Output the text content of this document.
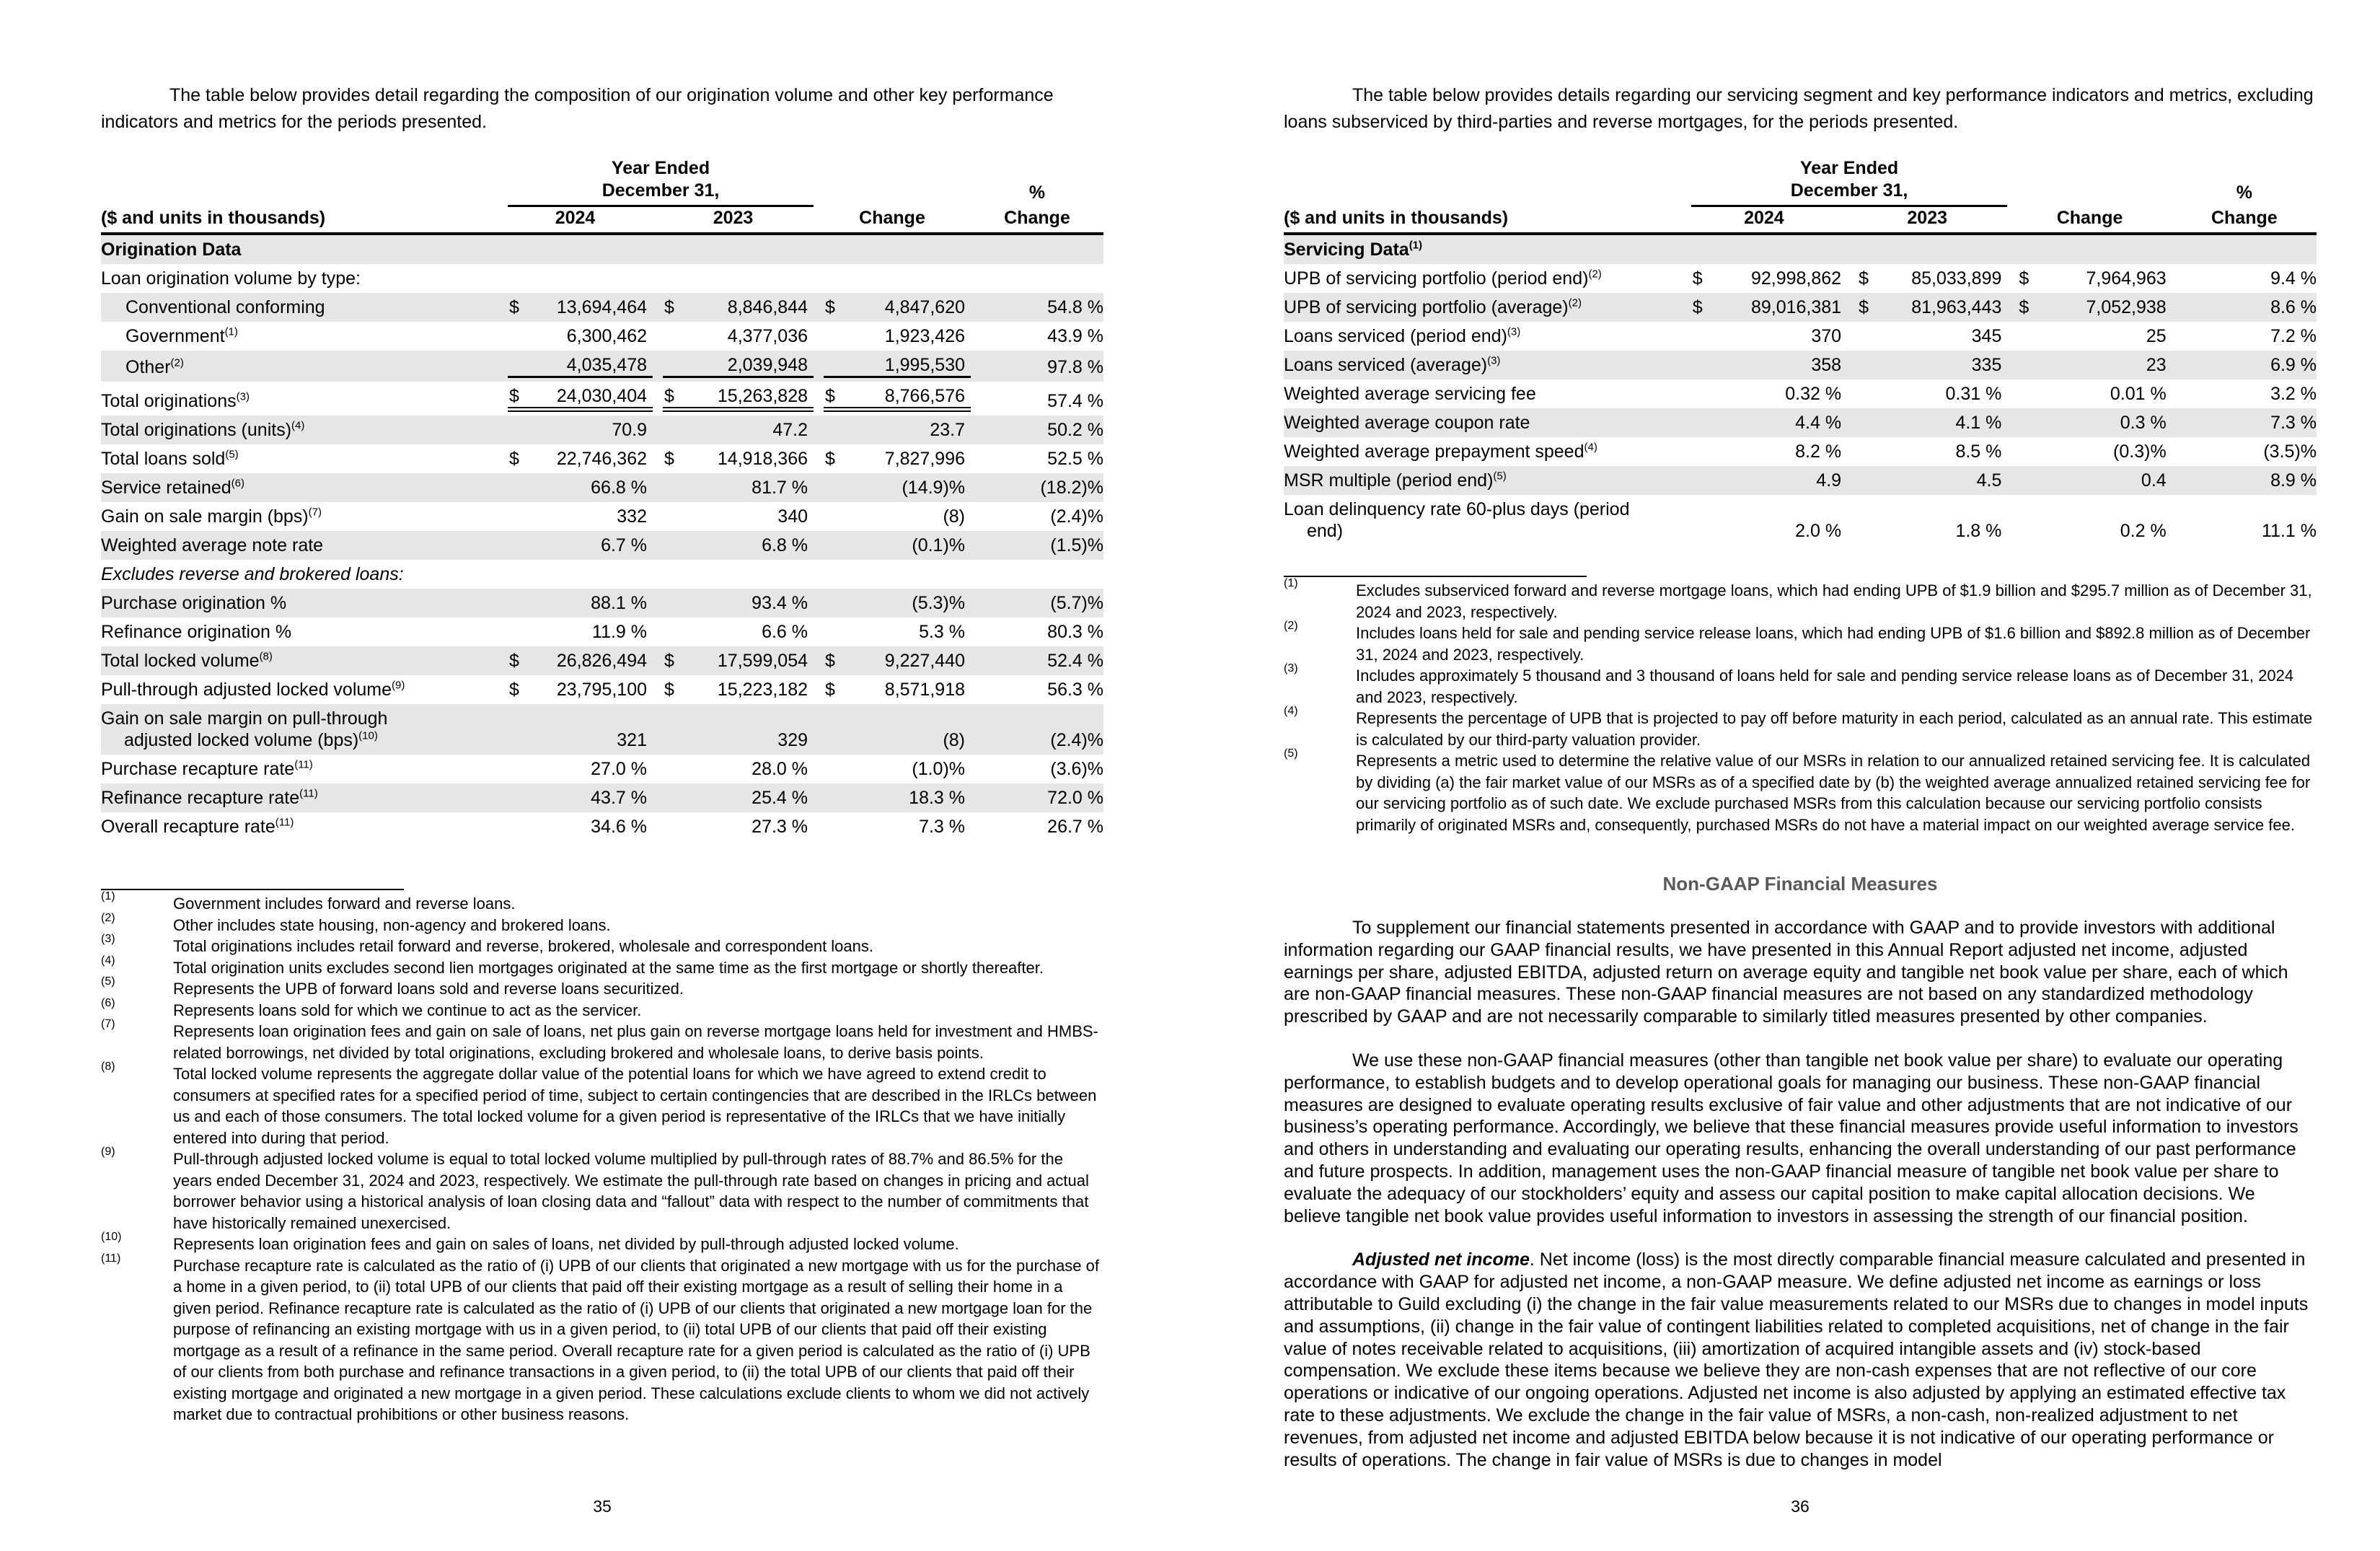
The table below provides detail regarding the composition of our origination volume and other key performance indicators and metrics for the periods presented.

	Year Ended
December 31,			%

($ and units in thousands)	2024	2023	Change	Change

Origination Data				
Loan origination volume by type:				
Conventional conforming	$ 13,694,464	$ 8,846,844	$ 4,847,620	54.8 %
Government$^{(1)}$	6,300,462	4,377,036	1,923,426	43.9 %
Other$^{(2)}$	4,035,478	2,039,948	1,995,530	97.8 %
Total originations$^{(3)}$	$ 24,030,404	$ 15,263,828	$ 8,766,576	57.4 %
Total originations (units)$^{(4)}$	70.9	47.2	23.7	50.2 %
Total loans sold$^{(5)}$	$ 22,746,362	$ 14,918,366	$ 7,827,996	52.5 %
Service retained$^{(6)}$	66.8 %	81.7 %	(14.9)%	(18.2)%
Gain on sale margin (bps)$^{(7)}$	332	340	(8)	(2.4)%
Weighted average note rate	6.7 %	6.8 %	(0.1)%	(1.5)%
Excludes reverse and brokered loans:				
Purchase origination %	88.1 %	93.4 %	(5.3)%	(5.7)%
Refinance origination %	11.9 %	6.6 %	5.3 %	80.3 %
Total locked volume$^{(8)}$	$ 26,826,494	$ 17,599,054	$ 9,227,440	52.4 %
Pull-through adjusted locked volume$^{(9)}$	$ 23,795,100	$ 15,223,182	$ 8,571,918	56.3 %
Gain on sale margin on pull-through
adjusted locked volume (bps)$^{(10)}$	321	329	(8)	(2.4)%
Purchase recapture rate$^{(11)}$	27.0 %	28.0 %	(1.0)%	(3.6)%
Refinance recapture rate$^{(11)}$	43.7 %	25.4 %	18.3 %	72.0 %
Overall recapture rate$^{(11)}$	34.6 %	27.3 %	7.3 %	26.7 %
(1)	Government includes forward and reverse loans.
(2)	Other includes state housing, non-agency and brokered loans.
(3)	Total originations includes retail forward and reverse, brokered, wholesale and correspondent loans.
(4)	Total origination units excludes second lien mortgages originated at the same time as the first mortgage or shortly thereafter.
(5)	Represents the UPB of forward loans sold and reverse loans securitized.
(6)	Represents loans sold for which we continue to act as the servicer.
(7)	Represents loan origination fees and gain on sale of loans, net plus gain on reverse mortgage loans held for investment and HMBS-related borrowings, net divided by total originations, excluding brokered and wholesale loans, to derive basis points.
(8)	Total locked volume represents the aggregate dollar value of the potential loans for which we have agreed to extend credit to consumers at specified rates for a specified period of time, subject to certain contingencies that are described in the IRLCs between us and each of those consumers. The total locked volume for a given period is representative of the IRLCs that we have initially entered into during that period.
(9)	Pull-through adjusted locked volume is equal to total locked volume multiplied by pull-through rates of 88.7% and 86.5% for the years ended December 31, 2024 and 2023, respectively. We estimate the pull-through rate based on changes in pricing and actual borrower behavior using a historical analysis of loan closing data and “fallout” data with respect to the number of commitments that have historically remained unexercised.
(10)	Represents loan origination fees and gain on sales of loans, net divided by pull-through adjusted locked volume.
(11)	Purchase recapture rate is calculated as the ratio of (i) UPB of our clients that originated a new mortgage with us for the purchase of a home in a given period, to (ii) total UPB of our clients that paid off their existing mortgage as a result of selling their home in a given period. Refinance recapture rate is calculated as the ratio of (i) UPB of our clients that originated a new mortgage loan for the purpose of refinancing an existing mortgage with us in a given period, to (ii) total UPB of our clients that paid off their existing mortgage as a result of a refinance in the same period. Overall recapture rate for a given period is calculated as the ratio of (i) UPB of our clients from both purchase and refinance transactions in a given period, to (ii) the total UPB of our clients that paid off their existing mortgage and originated a new mortgage in a given period. These calculations exclude clients to whom we did not actively market due to contractual prohibitions or other business reasons.
35

The table below provides details regarding our servicing segment and key performance indicators and metrics, excluding loans subserviced by third-parties and reverse mortgages, for the periods presented.

	Year Ended
December 31,			%

($ and units in thousands)	2024	2023	Change	Change

Servicing Data$^{(1)}$
UPB of servicing portfolio (period end)$^{(2)}$	$ 92,998,862	$ 85,033,899	$ 7,964,963	9.4 %
UPB of servicing portfolio (average)$^{(2)}$	$ 89,016,381	$ 81,963,443	$ 7,052,938	8.6 %
Loans serviced (period end)$^{(3)}$	370	345	25	7.2 %
Loans serviced (average)$^{(3)}$	358	335	23	6.9 %
Weighted average servicing fee	0.32 %	0.31 %	0.01 %	3.2 %
Weighted average coupon rate	4.4 %	4.1 %	0.3 %	7.3 %
Weighted average prepayment speed$^{(4)}$	8.2 %	8.5 %	(0.3)%	(3.5)%
MSR multiple (period end)$^{(5)}$	4.9	4.5	0.4	8.9 %
Loan delinquency rate 60-plus days (period
end)	2.0 %	1.8 %	0.2 %	11.1 %
(1)	Excludes subserviced forward and reverse mortgage loans, which had ending UPB of $1.9 billion and $295.7 million as of December 31, 2024 and 2023, respectively.
(2)	Includes loans held for sale and pending service release loans, which had ending UPB of $1.6 billion and $892.8 million as of December 31, 2024 and 2023, respectively.
(3)	Includes approximately 5 thousand and 3 thousand of loans held for sale and pending service release loans as of December 31, 2024 and 2023, respectively.
(4)	Represents the percentage of UPB that is projected to pay off before maturity in each period, calculated as an annual rate. This estimate is calculated by our third-party valuation provider.
(5)	Represents a metric used to determine the relative value of our MSRs in relation to our annualized retained servicing fee. It is calculated by dividing (a) the fair market value of our MSRs as of a specified date by (b) the weighted average annualized retained servicing fee for our servicing portfolio as of such date. We exclude purchased MSRs from this calculation because our servicing portfolio consists primarily of originated MSRs and, consequently, purchased MSRs do not have a material impact on our weighted average service fee.
Non-GAAP Financial Measures

To supplement our financial statements presented in accordance with GAAP and to provide investors with additional information regarding our GAAP financial results, we have presented in this Annual Report adjusted net income, adjusted earnings per share, adjusted EBITDA, adjusted return on average equity and tangible net book value per share, each of which are non-GAAP financial measures. These non-GAAP financial measures are not based on any standardized methodology prescribed by GAAP and are not necessarily comparable to similarly titled measures presented by other companies.

We use these non-GAAP financial measures (other than tangible net book value per share) to evaluate our operating performance, to establish budgets and to develop operational goals for managing our business. These non-GAAP financial measures are designed to evaluate operating results exclusive of fair value and other adjustments that are not indicative of our business’s operating performance. Accordingly, we believe that these financial measures provide useful information to investors and others in understanding and evaluating our operating results, enhancing the overall understanding of our past performance and future prospects. In addition, management uses the non-GAAP financial measure of tangible net book value per share to evaluate the adequacy of our stockholders’ equity and assess our capital position to make capital allocation decisions. We believe tangible net book value provides useful information to investors in assessing the strength of our financial position.

Adjusted net income. Net income (loss) is the most directly comparable financial measure calculated and presented in accordance with GAAP for adjusted net income, a non-GAAP measure. We define adjusted net income as earnings or loss attributable to Guild excluding (i) the change in the fair value measurements related to our MSRs due to changes in model inputs and assumptions, (ii) change in the fair value of contingent liabilities related to completed acquisitions, net of change in the fair value of notes receivable related to acquisitions, (iii) amortization of acquired intangible assets and (iv) stock-based compensation. We exclude these items because we believe they are non-cash expenses that are not reflective of our core operations or indicative of our ongoing operations. Adjusted net income is also adjusted by applying an estimated effective tax rate to these adjustments. We exclude the change in the fair value of MSRs, a non-cash, non-realized adjustment to net revenues, from adjusted net income and adjusted EBITDA below because it is not indicative of our operating performance or results of operations. The change in fair value of MSRs is due to changes in model

36
